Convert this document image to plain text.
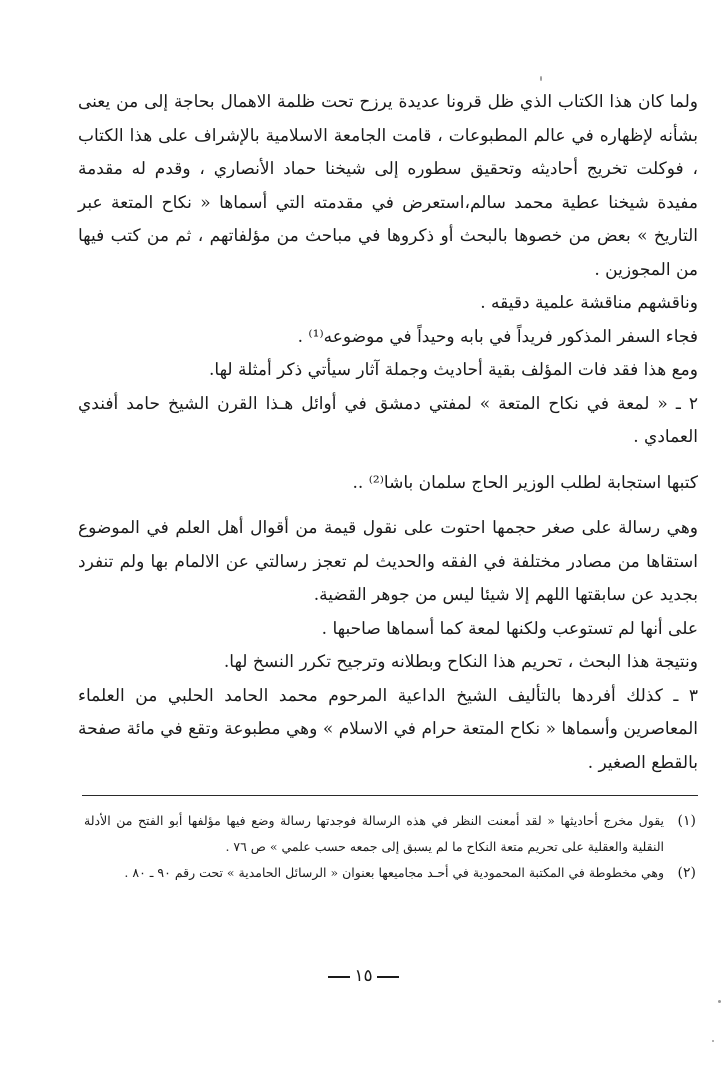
ولما كان هذا الكتاب الذي ظل قرونا عديدة يرزح تحت ظلمة الاهمال بحاجة إلى من يعنى بشأنه لإظهاره في عالم المطبوعات ، قامت الجامعة الاسلامية بالإشراف على هذا الكتاب ، فوكلت تخريج أحاديثه وتحقيق سطوره إلى شيخنا حماد الأنصاري ، وقدم له مقدمة مفيدة شيخنا عطية محمد سالم،استعرض في مقدمته التي أسماها « نكاح المتعة عبر التاريخ » بعض من خصوها بالبحث أو ذكروها في مباحث من مؤلفاتهم ، ثم من كتب فيها من المجوزين .

وناقشهم مناقشة علمية دقيقه .

فجاء السفر المذكور فريداً في بابه وحيداً في موضوعه⁽¹⁾ .

ومع هذا فقد فات المؤلف بقية أحاديث وجملة آثار سيأتي ذكر أمثلة لها.

٢ ـ « لمعة في نكاح المتعة » لمفتي دمشق في أوائل هـذا القرن الشيخ حامد أفندي العمادي .

كتبها استجابة لطلب الوزير الحاج سلمان باشا⁽²⁾ ..

وهي رسالة على صغر حجمها احتوت على نقول قيمة من أقوال أهل العلم في الموضوع استقاها من مصادر مختلفة في الفقه والحديث لم تعجز رسالتي عن الالمام بها ولم تنفرد بجديد عن سابقتها اللهم إلا شيئا ليس من جوهر القضية.

على أنها لم تستوعب ولكنها لمعة كما أسماها صاحبها .

ونتيجة هذا البحث ، تحريم هذا النكاح وبطلانه وترجيح تكرر النسخ لها.

٣ ـ كذلك أفردها بالتأليف الشيخ الداعية المرحوم محمد الحامد الحلبي من العلماء المعاصرين وأسماها « نكاح المتعة حرام في الاسلام » وهي مطبوعة وتقع في مائة صفحة بالقطع الصغير .

(١)
يقول مخرج أحاديثها « لقد أمعنت النظر في هذه الرسالة فوجدتها رسالة وضع فيها مؤلفها أبو الفتح من الأدلة النقلية والعقلية على تحريم متعة النكاح ما لم يسبق إلى جمعه حسب علمي » ص ٧٦ .
(٢)
وهي مخطوطة في المكتبة المحمودية في أحـد مجاميعها بعنوان « الرسائل الحامدية » تحت رقم ٩٠ ـ ٨٠ .
١٥
